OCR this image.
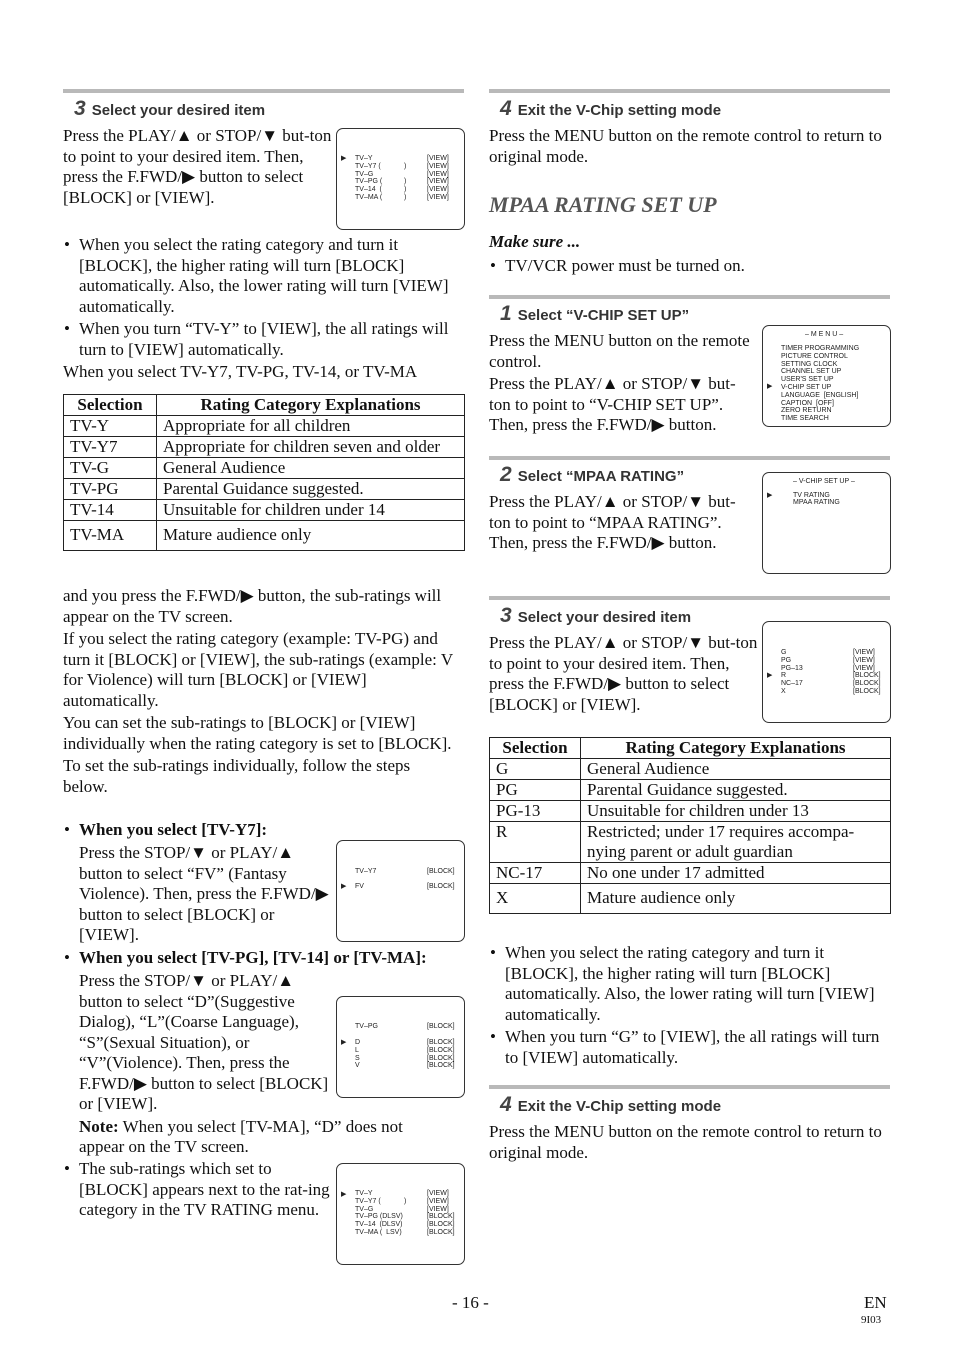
3 Select your desired item

Press the PLAY/▲ or STOP/▼ but-ton to point to your desired item. Then, press the F.FWD/▶ button to select [BLOCK] or [VIEW].

▶ TV–Y	[VIEW]
TV–Y7 (	)	[VIEW]
TV–G	[VIEW]
TV–PG (	)	[VIEW]
TV–14  (	)	[VIEW]
TV–MA (	)	[VIEW]
• When you select the rating category and turn it [BLOCK], the higher rating will turn [BLOCK] automatically. Also, the lower rating will turn [VIEW] automatically.
• When you turn “TV-Y” to [VIEW], the all ratings will turn to [VIEW] automatically.

When you select TV-Y7, TV-PG, TV-14, or TV-MA

Selection	Rating Category Explanations
TV-Y	Appropriate for all children
TV-Y7	Appropriate for children seven and older
TV-G	General Audience
TV-PG	Parental Guidance suggested.
TV-14	Unsuitable for children under 14
TV-MA	Mature audience only

and you press the F.FWD/▶ button, the sub-ratings will appear on the TV screen.

If you select the rating category (example: TV-PG) and turn it [BLOCK] or [VIEW], the sub-ratings (example: V for Violence) will turn [BLOCK] or [VIEW] automatically.

You can set the sub-ratings to [BLOCK] or [VIEW] individually when the rating category is set to [BLOCK].

To set the sub-ratings individually, follow the steps below.

• When you select [TV-Y7]:

Press the STOP/▼ or PLAY/▲ button to select “FV” (Fantasy Violence). Then, press the F.FWD/▶ button to select [BLOCK] or [VIEW].

▶
TV–Y7	[BLOCK]
FV	[BLOCK]
• When you select [TV-PG], [TV-14] or [TV-MA]:

Press the STOP/▼ or PLAY/▲ button to select “D”(Suggestive Dialog), “L”(Coarse Language), “S”(Sexual Situation), or “V”(Violence). Then, press the F.FWD/▶ button to select [BLOCK] or [VIEW].

Note: When you select [TV-MA], “D” does not appear on the TV screen.

TV–PG	[BLOCK]
▶ D	[BLOCK]
L	[BLOCK]
S	[BLOCK]
V	[BLOCK]
• The sub-ratings which set to [BLOCK] appears next to the rat-ing category in the TV RATING menu.
▶ TV–Y	[VIEW]
TV–Y7 (	)	[VIEW]
TV–G	[VIEW]
TV–PG (DLSV)	[BLOCK]
TV–14  (DLSV)	[BLOCK]
TV–MA (  LSV)	[BLOCK]
4 Exit the V-Chip setting mode

Press the MENU button on the remote control to return to original mode.

MPAA RATING SET UP

Make sure ...

• TV/VCR power must be turned on.
1 Select “V-CHIP SET UP”

Press the MENU button on the remote control.

Press the PLAY/▲ or STOP/▼ but-ton to point to “V-CHIP SET UP”. Then, press the F.FWD/▶ button.

– M E N U –
▶
TIMER PROGRAMMING
PICTURE CONTROL
SETTING CLOCK
CHANNEL SET UP
USER'S SET UP
V-CHIP SET UP
LANGUAGE  [ENGLISH]
CAPTION  [OFF]
ZERO RETURN
TIME SEARCH
2 Select “MPAA RATING”

Press the PLAY/▲ or STOP/▼ but-ton to point to “MPAA RATING”. Then, press the F.FWD/▶ button.

– V-CHIP SET UP –
▶	TV RATING
MPAA RATING
3 Select your desired item

Press the PLAY/▲ or STOP/▼ but-ton to point to your desired item. Then, press the F.FWD/▶ button to select [BLOCK] or [VIEW].

▶
G	[VIEW]
PG	[VIEW]
PG–13	[VIEW]
R	[BLOCK]
NC–17	[BLOCK]
X	[BLOCK]
Selection	Rating Category Explanations
G	General Audience
PG	Parental Guidance suggested.
PG-13	Unsuitable for children under 13
R	Restricted; under 17 requires accompa-nying parent or adult guardian
NC-17	No one under 17 admitted
X	Mature audience only
• When you select the rating category and turn it [BLOCK], the higher rating will turn [BLOCK] automatically. Also, the lower rating will turn [VIEW] automatically.
• When you turn “G” to [VIEW], the all ratings will turn to [VIEW] automatically.
4 Exit the V-Chip setting mode

Press the MENU button on the remote control to return to original mode.

- 16 -	EN
9I03
